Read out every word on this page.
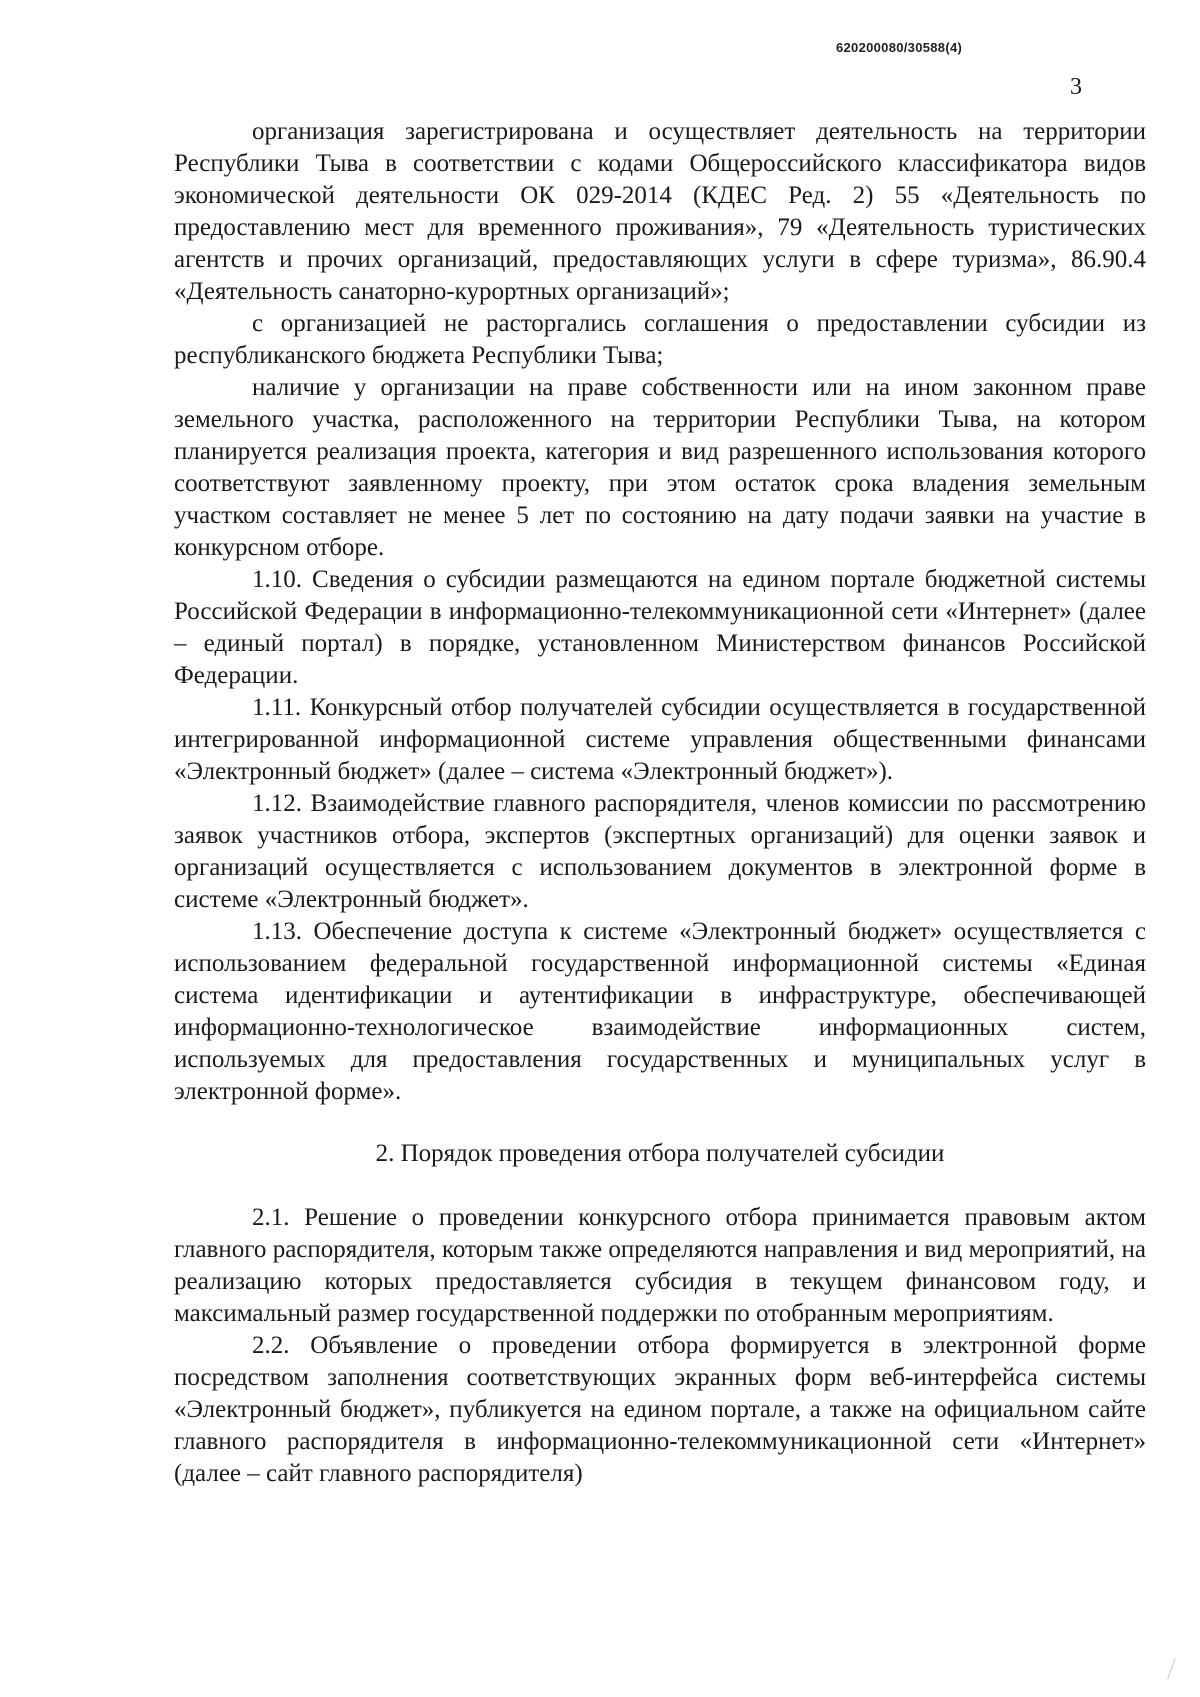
620200080/30588(4)
3

организация зарегистрирована и осуществляет деятельность на территории Республики Тыва в соответствии с кодами Общероссийского классификатора видов экономической деятельности ОК 029-2014 (КДЕС Ред. 2) 55 «Деятельность по предоставлению мест для временного проживания», 79 «Деятельность туристических агентств и прочих организаций, предоставляющих услуги в сфере туризма», 86.90.4 «Деятельность санаторно-курортных организаций»;

с организацией не расторгались соглашения о предоставлении субсидии из республиканского бюджета Республики Тыва;

наличие у организации на праве собственности или на ином законном праве земельного участка, расположенного на территории Республики Тыва, на котором планируется реализация проекта, категория и вид разрешенного использования которого соответствуют заявленному проекту, при этом остаток срока владения земельным участком составляет не менее 5 лет по состоянию на дату подачи заявки на участие в конкурсном отборе.

1.10. Сведения о субсидии размещаются на едином портале бюджетной системы Российской Федерации в информационно-телекоммуникационной сети «Интернет» (далее – единый портал) в порядке, установленном Министерством финансов Российской Федерации.

1.11. Конкурсный отбор получателей субсидии осуществляется в государственной интегрированной информационной системе управления общественными финансами «Электронный бюджет» (далее – система «Электронный бюджет»).

1.12. Взаимодействие главного распорядителя, членов комиссии по рассмотрению заявок участников отбора, экспертов (экспертных организаций) для оценки заявок и организаций осуществляется с использованием документов в электронной форме в системе «Электронный бюджет».

1.13. Обеспечение доступа к системе «Электронный бюджет» осуществляется с использованием федеральной государственной информационной системы «Единая система идентификации и аутентификации в инфраструктуре, обеспечивающей информационно-технологическое взаимодействие информационных систем, используемых для предоставления государственных и муниципальных услуг в электронной форме».

2. Порядок проведения отбора получателей субсидии

2.1. Решение о проведении конкурсного отбора принимается правовым актом главного распорядителя, которым также определяются направления и вид мероприятий, на реализацию которых предоставляется субсидия в текущем финансовом году, и максимальный размер государственной поддержки по отобранным мероприятиям.

2.2. Объявление о проведении отбора формируется в электронной форме посредством заполнения соответствующих экранных форм веб-интерфейса системы «Электронный бюджет», публикуется на едином портале, а также на официальном сайте главного распорядителя в информационно-телекоммуникационной сети «Интернет» (далее – сайт главного распорядителя)
